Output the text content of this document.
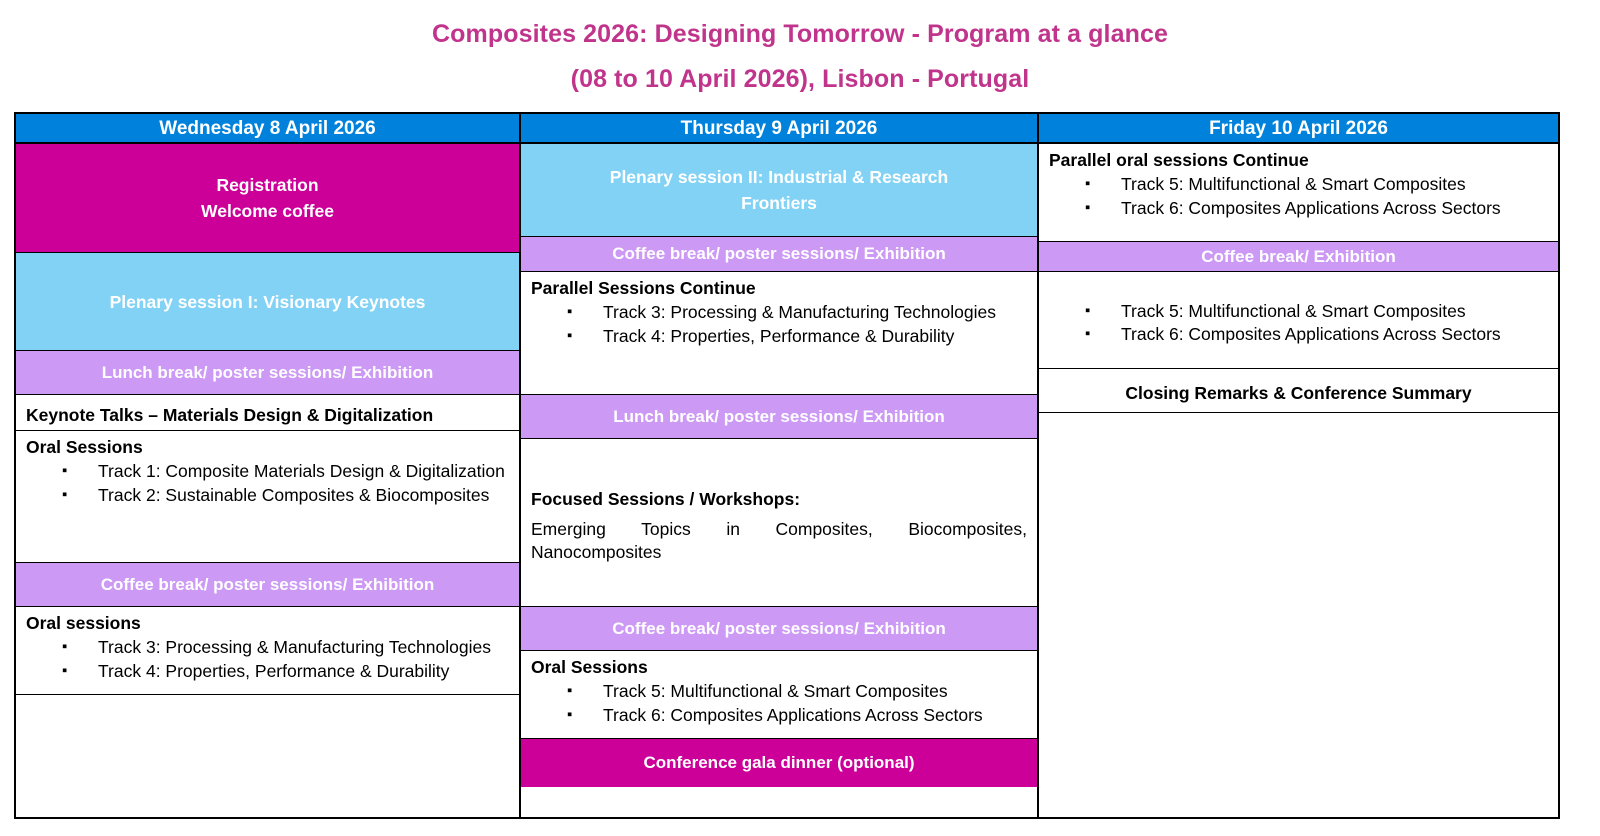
Composites 2026: Designing Tomorrow - Program at a glance
(08 to 10 April 2026), Lisbon - Portugal
Wednesday 8 April 2026
Registration
Welcome coffee
Plenary session I: Visionary Keynotes
Lunch break/ poster sessions/ Exhibition
Keynote Talks – Materials Design & Digitalization
Oral Sessions
▪ Track 1: Composite Materials Design & Digitalization
▪ Track 2: Sustainable Composites & Biocomposites
Coffee break/ poster sessions/ Exhibition
Oral sessions
▪ Track 3: Processing & Manufacturing Technologies
▪ Track 4: Properties, Performance & Durability
Thursday 9 April 2026
Plenary session II: Industrial & Research
Frontiers
Coffee break/ poster sessions/ Exhibition
Parallel Sessions Continue
▪ Track 3: Processing & Manufacturing Technologies
▪ Track 4: Properties, Performance & Durability
Lunch break/ poster sessions/ Exhibition
Focused Sessions / Workshops:
Emerging Topics in Composites, Biocomposites, Nanocomposites
Coffee break/ poster sessions/ Exhibition
Oral Sessions
▪ Track 5: Multifunctional & Smart Composites
▪ Track 6: Composites Applications Across Sectors
Conference gala dinner (optional)
Friday 10 April 2026
Parallel oral sessions Continue
▪ Track 5: Multifunctional & Smart Composites
▪ Track 6: Composites Applications Across Sectors
Coffee break/ Exhibition
▪ Track 5: Multifunctional & Smart Composites
▪ Track 6: Composites Applications Across Sectors
Closing Remarks & Conference Summary
